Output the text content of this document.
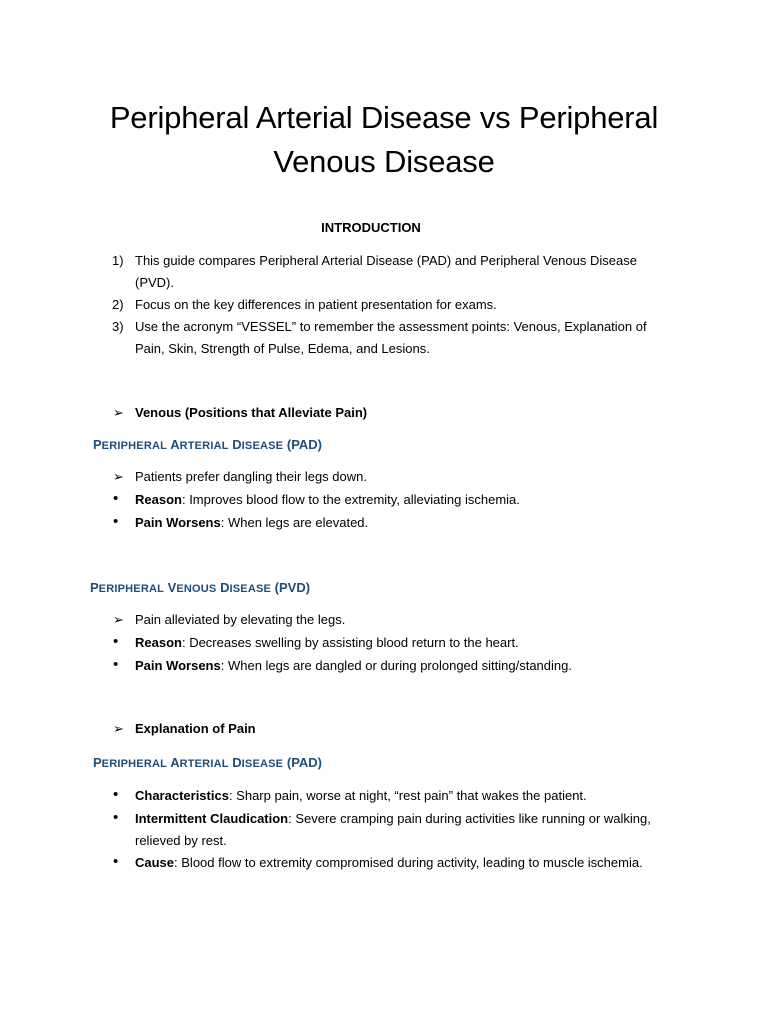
Peripheral Arterial Disease vs Peripheral
Venous Disease
INTRODUCTION
1) This guide compares Peripheral Arterial Disease (PAD) and Peripheral Venous Disease
(PVD).
2) Focus on the key differences in patient presentation for exams.
3) Use the acronym “VESSEL” to remember the assessment points: Venous, Explanation of
Pain, Skin, Strength of Pulse, Edema, and Lesions.
➢ Venous (Positions that Alleviate Pain)
PERIPHERAL ARTERIAL DISEASE (PAD)
➢ Patients prefer dangling their legs down.
•	Reason: Improves blood flow to the extremity, alleviating ischemia.
•	Pain Worsens: When legs are elevated.
PERIPHERAL VENOUS DISEASE (PVD)
➢ Pain alleviated by elevating the legs.
•	Reason: Decreases swelling by assisting blood return to the heart.
•	Pain Worsens: When legs are dangled or during prolonged sitting/standing.
➢ Explanation of Pain
PERIPHERAL ARTERIAL DISEASE (PAD)
•	Characteristics: Sharp pain, worse at night, “rest pain” that wakes the patient.
•	Intermittent Claudication: Severe cramping pain during activities like running or walking,
relieved by rest.
•	Cause: Blood flow to extremity compromised during activity, leading to muscle ischemia.
